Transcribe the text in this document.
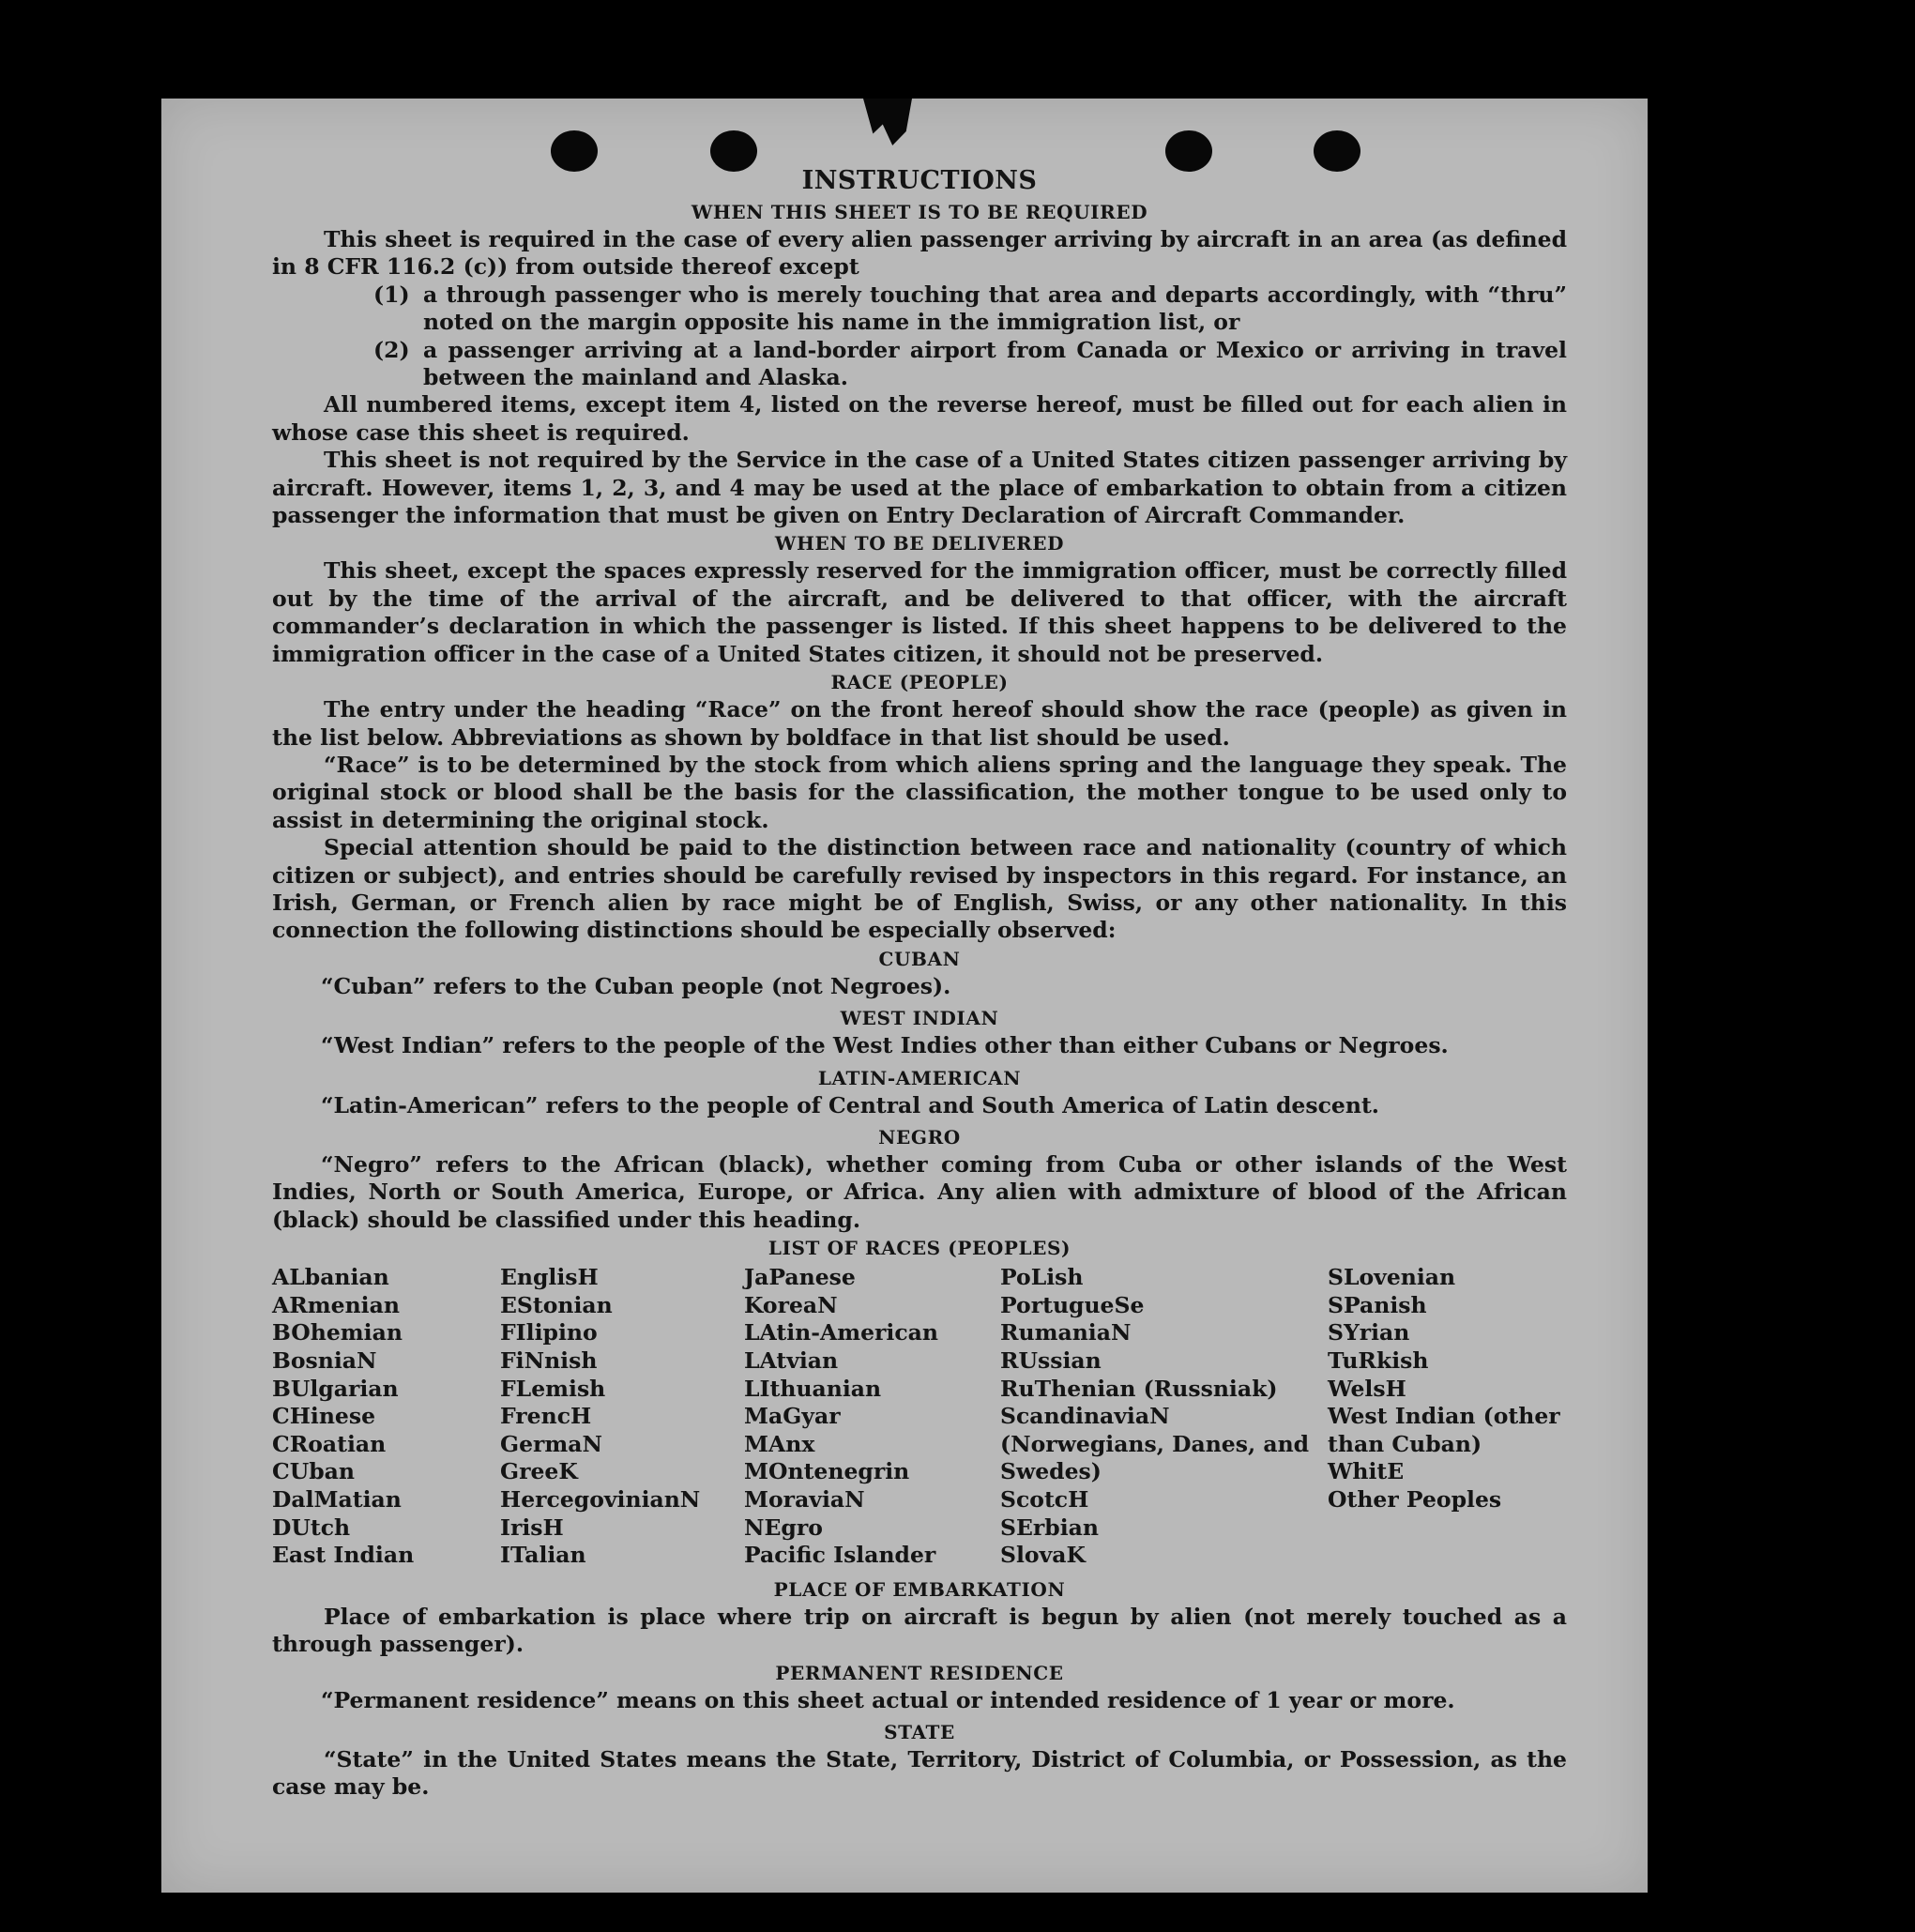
INSTRUCTIONS
WHEN THIS SHEET IS TO BE REQUIRED

This sheet is required in the case of every alien passenger arriving by aircraft in an area (as defined in 8 CFR 116.2 (c)) from outside thereof except

(1) a through passenger who is merely touching that area and departs accordingly, with “thru” noted on the margin opposite his name in the immigration list, or
(2) a passenger arriving at a land-border airport from Canada or Mexico or arriving in travel between the mainland and Alaska.

All numbered items, except item 4, listed on the reverse hereof, must be filled out for each alien in whose case this sheet is required.

This sheet is not required by the Service in the case of a United States citizen passenger arriving by aircraft. However, items 1, 2, 3, and 4 may be used at the place of embarkation to obtain from a citizen passenger the information that must be given on Entry Declaration of Aircraft Commander.

WHEN TO BE DELIVERED

This sheet, except the spaces expressly reserved for the immigration officer, must be correctly filled out by the time of the arrival of the aircraft, and be delivered to that officer, with the aircraft commander’s declaration in which the passenger is listed. If this sheet happens to be delivered to the immigration officer in the case of a United States citizen, it should not be preserved.

RACE (PEOPLE)

The entry under the heading “Race” on the front hereof should show the race (people) as given in the list below. Abbreviations as shown by boldface in that list should be used.

“Race” is to be determined by the stock from which aliens spring and the language they speak. The original stock or blood shall be the basis for the classification, the mother tongue to be used only to assist in determining the original stock.

Special attention should be paid to the distinction between race and nationality (country of which citizen or subject), and entries should be carefully revised by inspectors in this regard. For instance, an Irish, German, or French alien by race might be of English, Swiss, or any other nationality. In this connection the following distinctions should be especially observed:

CUBAN

“Cuban” refers to the Cuban people (not Negroes).

WEST INDIAN

“West Indian” refers to the people of the West Indies other than either Cubans or Negroes.

LATIN-AMERICAN

“Latin-American” refers to the people of Central and South America of Latin descent.

NEGRO

“Negro” refers to the African (black), whether coming from Cuba or other islands of the West Indies, North or South America, Europe, or Africa. Any alien with admixture of blood of the African (black) should be classified under this heading.

LIST OF RACES (PEOPLES)
ALbanian
ARmenian
BOhemian
BosniaN
BUlgarian
CHinese
CRoatian
CUban
DalMatian
DUtch
East Indian
EnglisH
EStonian
FIlipino
FiNnish
FLemish
FrencH
GermaN
GreeK
HercegovinianN
IrisH
ITalian
JaPanese
KoreaN
LAtin-American
LAtvian
LIthuanian
MaGyar
MAnx
MOntenegrin
MoraviaN
NEgro
Pacific Islander
PoLish
PortugueSe
RumaniaN
RUssian
RuThenian (Russniak)
ScandinaviaN (Norwegians, Danes, and Swedes)
ScotcH
SErbian
SlovaK
SLovenian
SPanish
SYrian
TuRkish
WelsH
West Indian (other than Cuban)
WhitE
Other Peoples
PLACE OF EMBARKATION

Place of embarkation is place where trip on aircraft is begun by alien (not merely touched as a through passenger).

PERMANENT RESIDENCE

“Permanent residence” means on this sheet actual or intended residence of 1 year or more.

STATE

“State” in the United States means the State, Territory, District of Columbia, or Possession, as the case may be.
